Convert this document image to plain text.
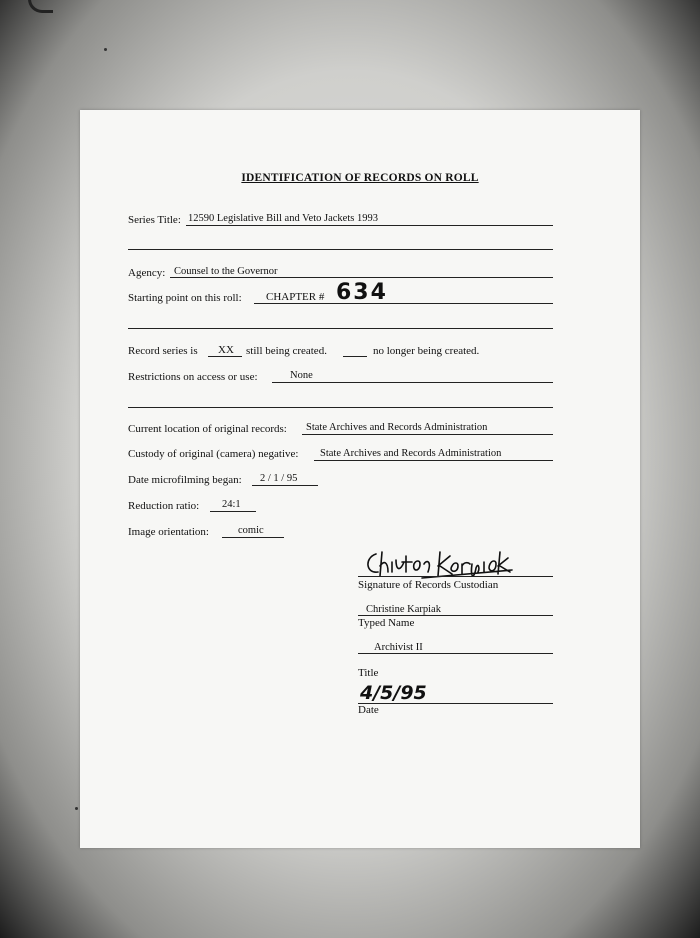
IDENTIFICATION OF RECORDS ON ROLL
Series Title: 12590 Legislative Bill and Veto Jackets 1993
Agency: Counsel to the Governor
Starting point on this roll: CHAPTER # 634
Record series is XX still being created.	no longer being created.
Restrictions on access or use:	None
Current location of original records: State Archives and Records Administration
Custody of original (camera) negative: State Archives and Records Administration
Date microfilming began: 2 / 1 / 95
Reduction ratio: 24:1
Image orientation:	comic
Christine Karpiak
Signature of Records Custodian
Christine Karpiak
Typed Name
Archivist II
Title
4/5/95
Date
